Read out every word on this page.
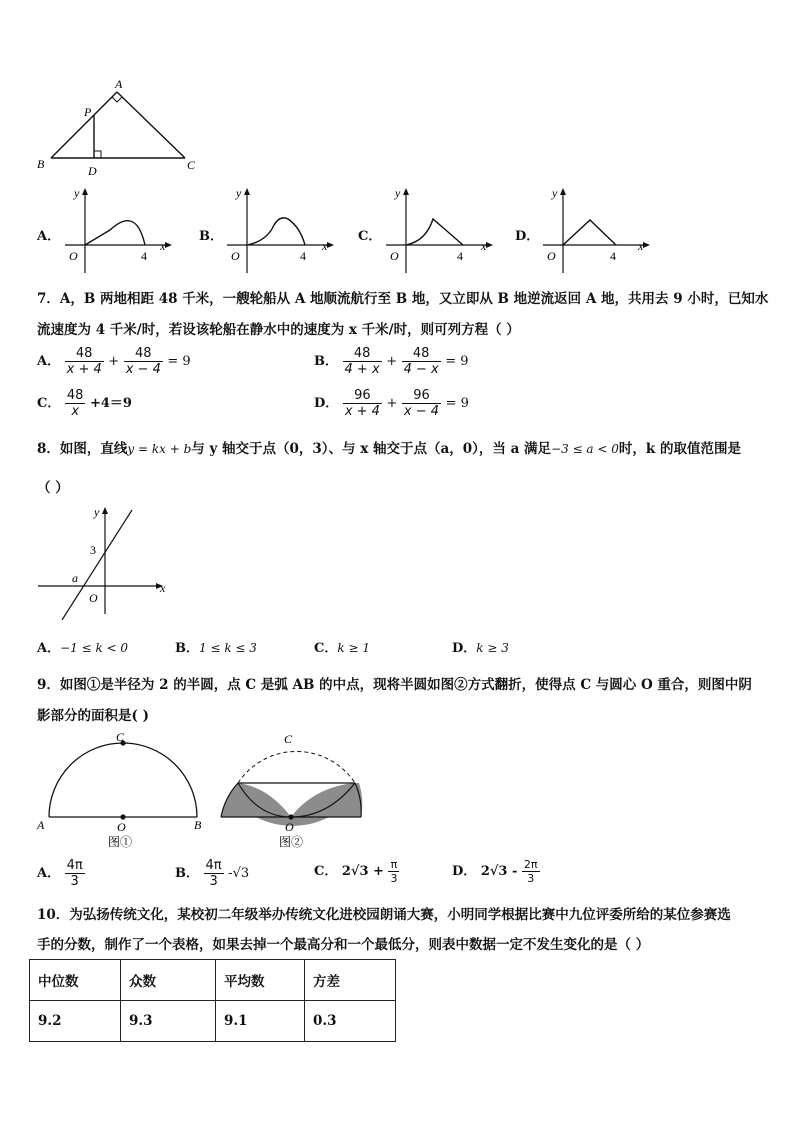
A
P
B	D	C
A．
y
x
O	4
B．
y
x
O	4
C．
y
x
O	4
D．
y
x
O	4
7．A，B 两地相距 48 千米，一艘轮船从 A 地顺流航行至 B 地，又立即从 B 地逆流返回 A 地，共用去 9 小时，已知水
流速度为 4 千米/时，若设该轮船在静水中的速度为 x 千米/时，则可列方程（ ）
A． $\frac{48}{x + 4} + \frac{48}{x - 4} = 9$	B． $\frac{48}{4 + x} + \frac{48}{4 - x} = 9$
C． $\frac{48}{x} +4=9$	D． $\frac{96}{x + 4} + \frac{96}{x - 4} = 9$
8．如图，直线y = kx + b与 y 轴交于点（0，3）、与 x 轴交于点（a，0），当 a 满足−3 ≤ a < 0时，k 的取值范围是
（ ）
y
x
3
a
O
A．−1 ≤ k < 0	B．1 ≤ k ≤ 3	C．k ≥ 1	D．k ≥ 3
9．如图①是半径为 2 的半圆，点 C 是弧 AB 的中点，现将半圆如图②方式翻折，使得点 C 与圆心 O 重合，则图中阴
影部分的面积是( )
C
A	B
O
图①
C
O
图②
A． $\frac{4\pi}{3}$	B． $\frac{4\pi}{3} -√3$	C． $2√3 + \frac{\pi}{3}$	D． $2√3 - \frac{2\pi}{3}$
10．为弘扬传统文化，某校初二年级举办传统文化进校园朗诵大赛，小明同学根据比赛中九位评委所给的某位参赛选
手的分数，制作了一个表格，如果去掉一个最高分和一个最低分，则表中数据一定不发生变化的是（ ）
中位数	众数	平均数	方差
9.2	9.3	9.1	0.3
